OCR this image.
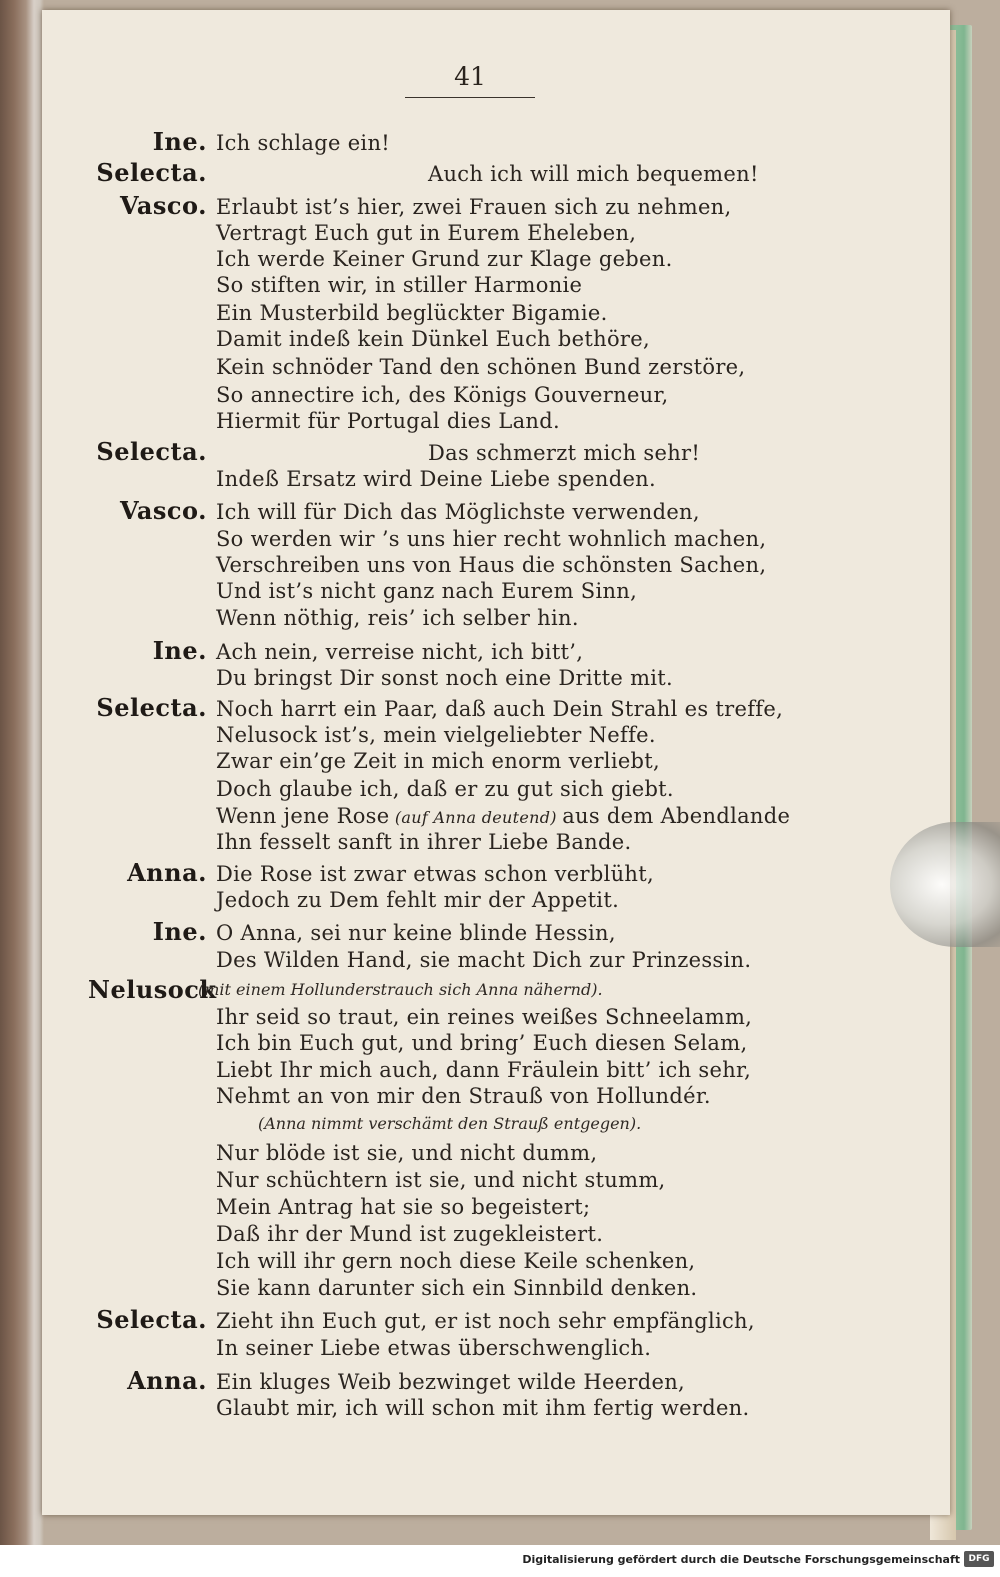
41
Ine. Ich schlage ein!
Selecta.	Auch ich will mich bequemen!
Vasco. Erlaubt ist’s hier, zwei Frauen sich zu nehmen,
Vertragt Euch gut in Eurem Eheleben,
Ich werde Keiner Grund zur Klage geben.
So stiften wir, in stiller Harmonie
Ein Musterbild beglückter Bigamie.
Damit indeß kein Dünkel Euch bethöre,
Kein schnöder Tand den schönen Bund zerstöre,
So annectire ich, des Königs Gouverneur,
Hiermit für Portugal dies Land.
Selecta.	Das schmerzt mich sehr!
Indeß Ersatz wird Deine Liebe spenden.
Vasco. Ich will für Dich das Möglichste verwenden,
So werden wir ’s uns hier recht wohnlich machen,
Verschreiben uns von Haus die schönsten Sachen,
Und ist’s nicht ganz nach Eurem Sinn,
Wenn nöthig, reis’ ich selber hin.
Ine. Ach nein, verreise nicht, ich bitt’,
Du bringst Dir sonst noch eine Dritte mit.
Selecta. Noch harrt ein Paar, daß auch Dein Strahl es treffe,
Nelusock ist’s, mein vielgeliebter Neffe.
Zwar ein’ge Zeit in mich enorm verliebt,
Doch glaube ich, daß er zu gut sich giebt.
Wenn jene Rose (auf Anna deutend) aus dem Abendlande
Ihn fesselt sanft in ihrer Liebe Bande.
Anna. Die Rose ist zwar etwas schon verblüht,
Jedoch zu Dem fehlt mir der Appetit.
Ine. O Anna, sei nur keine blinde Hessin,
Des Wilden Hand, sie macht Dich zur Prinzessin.
Nelusock
(mit einem Hollunderstrauch sich Anna nähernd).
Ihr seid so traut, ein reines weißes Schneelamm,
Ich bin Euch gut, und bring’ Euch diesen Selam,
Liebt Ihr mich auch, dann Fräulein bitt’ ich sehr,
Nehmt an von mir den Strauß von Hollundér.
(Anna nimmt verschämt den Strauß entgegen).
Nur blöde ist sie, und nicht dumm,
Nur schüchtern ist sie, und nicht stumm,
Mein Antrag hat sie so begeistert;
Daß ihr der Mund ist zugekleistert.
Ich will ihr gern noch diese Keile schenken,
Sie kann darunter sich ein Sinnbild denken.
Selecta. Zieht ihn Euch gut, er ist noch sehr empfänglich,
In seiner Liebe etwas überschwenglich.
Anna. Ein kluges Weib bezwinget wilde Heerden,
Glaubt mir, ich will schon mit ihm fertig werden.
Digitalisierung gefördert durch die Deutsche Forschungsgemeinschaft DFG
